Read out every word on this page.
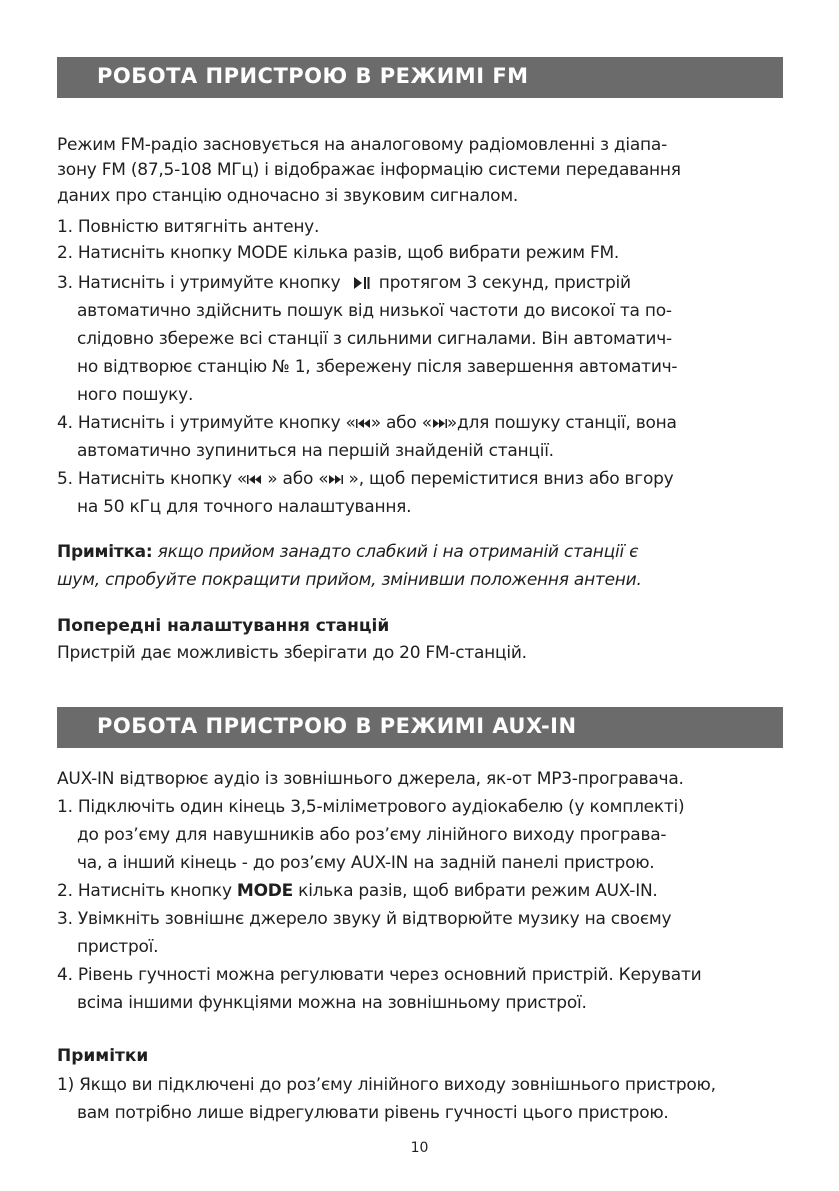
РОБОТА ПРИСТРОЮ В РЕЖИМІ FM
Режим FM-радіо засновується на аналоговому радіомовленні з діапа-
зону FM (87,5-108 МГц) і відображає інформацію системи передавання
даних про станцію одночасно зі звуковим сигналом.
1. Повністю витягніть антену.
2. Натисніть кнопку MODE кілька разів, щоб вибрати режим FM.
3. Натисніть і утримуйте кнопку протягом 3 секунд, пристрій
автоматично здійснить пошук від низької частоти до високої та по-
слідовно збереже всі станції з сильними сигналами. Він автоматич-
но відтворює станцію № 1, збережену після завершення автоматич-
ного пошуку.
4. Натисніть і утримуйте кнопку « » або « »для пошуку станції, вона
автоматично зупиниться на першій знайденій станції.
5. Натисніть кнопку «
» або «
», щоб переміститися вниз або вгору
на 50 кГц для точного налаштування.
Примітка: якщо прийом занадто слабкий і на отриманій станції є
шум, спробуйте покращити прийом, змінивши положення антени.
Попередні налаштування станцій
Пристрій дає можливість зберігати до 20 FM-станцій.
РОБОТА ПРИСТРОЮ В РЕЖИМІ AUX-IN
AUX-IN відтворює аудіо із зовнішнього джерела, як-от MP3-програвача.
1. Підключіть один кінець 3,5-міліметрового аудіокабелю (у комплекті)
до роз’єму для навушників або роз’єму лінійного виходу програва-
ча, а інший кінець - до роз’єму AUX-IN на задній панелі пристрою.
2. Натисніть кнопку MODE кілька разів, щоб вибрати режим AUX-IN.
3. Увімкніть зовнішнє джерело звуку й відтворюйте музику на своєму
пристрої.
4. Рівень гучності можна регулювати через основний пристрій. Керувати
всіма іншими функціями можна на зовнішньому пристрої.
Примітки
1) Якщо ви підключені до роз’єму лінійного виходу зовнішнього пристрою,
вам потрібно лише відрегулювати рівень гучності цього пристрою.
10
